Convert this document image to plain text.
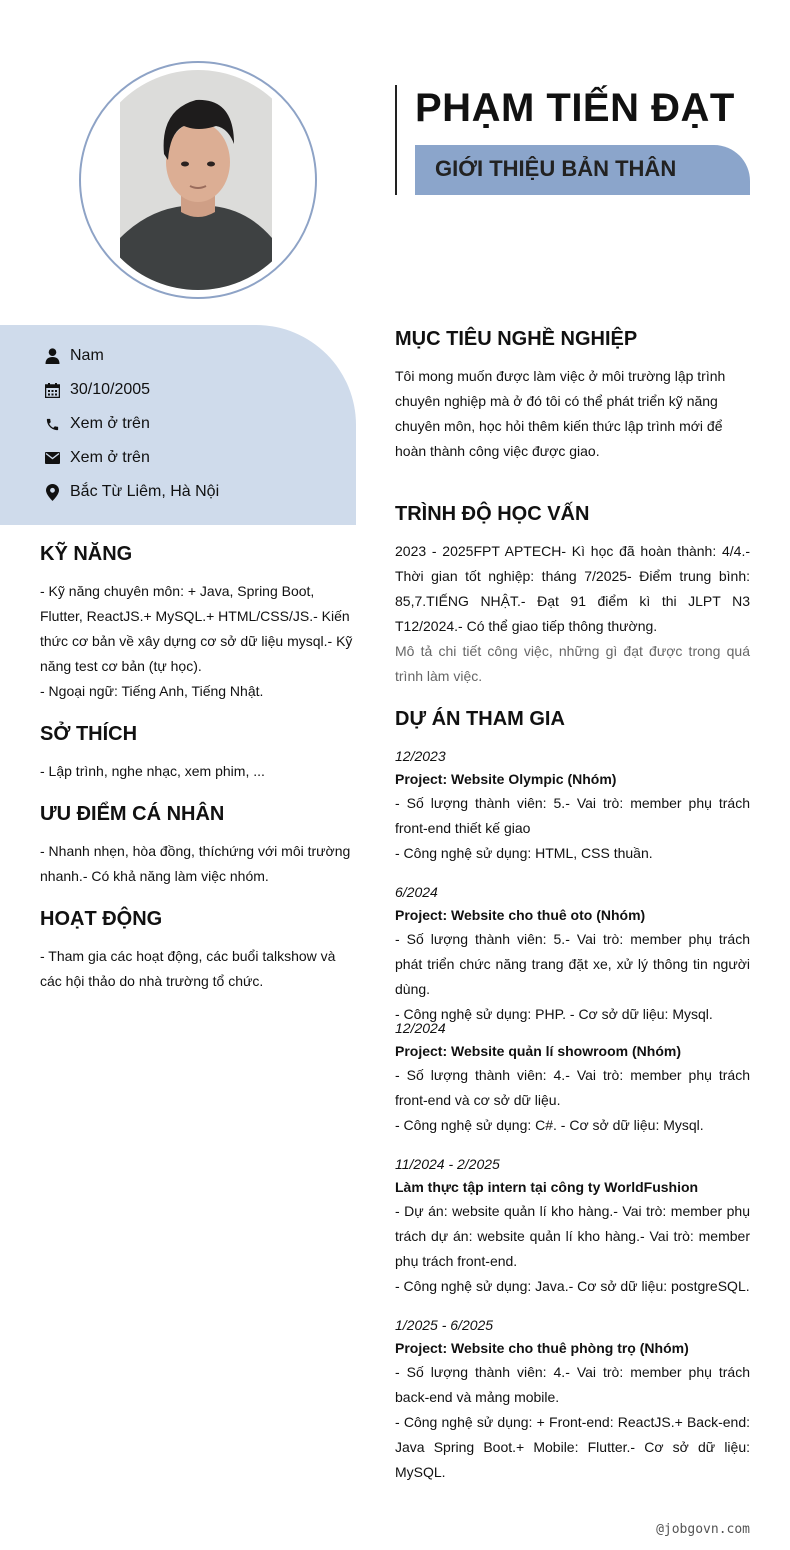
PHẠM TIẾN ĐẠT
GIỚI THIỆU BẢN THÂN
Nam
30/10/2005
Xem ở trên
Xem ở trên
Bắc Từ Liêm, Hà Nội
KỸ NĂNG

- Kỹ năng chuyên môn: + Java, Spring Boot, Flutter, ReactJS.+ MySQL.+ HTML/CSS/JS.- Kiến thức cơ bản về xây dựng cơ sở dữ liệu mysql.- Kỹ năng test cơ bản (tự học).

- Ngoại ngữ: Tiếng Anh, Tiếng Nhật.

SỞ THÍCH

- Lập trình, nghe nhạc, xem phim, ...

ƯU ĐIỂM CÁ NHÂN

- Nhanh nhẹn, hòa đồng, thíchứng với môi trường nhanh.- Có khả năng làm việc nhóm.

HOẠT ĐỘNG

- Tham gia các hoạt động, các buổi talkshow và các hội thảo do nhà trường tổ chức.

MỤC TIÊU NGHỀ NGHIỆP

Tôi mong muốn được làm việc ở môi trường lập trình chuyên nghiệp mà ở đó tôi có thể phát triển kỹ năng chuyên môn, học hỏi thêm kiến thức lập trình mới để hoàn thành công việc được giao.

TRÌNH ĐỘ HỌC VẤN

2023 - 2025FPT APTECH- Kì học đã hoàn thành: 4/4.- Thời gian tốt nghiệp: tháng 7/2025- Điểm trung bình: 85,7.TIẾNG NHẬT.- Đạt 91 điểm kì thi JLPT N3 T12/2024.- Có thể giao tiếp thông thường.

Mô tả chi tiết công việc, những gì đạt được trong quá trình làm việc.

DỰ ÁN THAM GIA
12/2023
Project: Website Olympic (Nhóm)
- Số lượng thành viên: 5.- Vai trò: member phụ trách front-end thiết kế giao
- Công nghệ sử dụng: HTML, CSS thuần.
6/2024
Project: Website cho thuê oto (Nhóm)
- Số lượng thành viên: 5.- Vai trò: member phụ trách phát triển chức năng trang đặt xe, xử lý thông tin người dùng.
- Công nghệ sử dụng: PHP. - Cơ sở dữ liệu: Mysql.
12/2024
Project: Website quản lí showroom (Nhóm)
- Số lượng thành viên: 4.- Vai trò: member phụ trách front-end và cơ sở dữ liệu.
- Công nghệ sử dụng: C#. - Cơ sở dữ liệu: Mysql.
11/2024 - 2/2025
Làm thực tập intern tại công ty WorldFushion
- Dự án: website quản lí kho hàng.- Vai trò: member phụ trách dự án: website quản lí kho hàng.- Vai trò: member phụ trách front-end.
- Công nghệ sử dụng: Java.- Cơ sở dữ liệu: postgreSQL.
1/2025 - 6/2025
Project: Website cho thuê phòng trọ (Nhóm)
- Số lượng thành viên: 4.- Vai trò: member phụ trách back-end và mảng mobile.
- Công nghệ sử dụng: + Front-end: ReactJS.+ Back-end: Java Spring Boot.+ Mobile: Flutter.- Cơ sở dữ liệu: MySQL.
@jobgovn.com
